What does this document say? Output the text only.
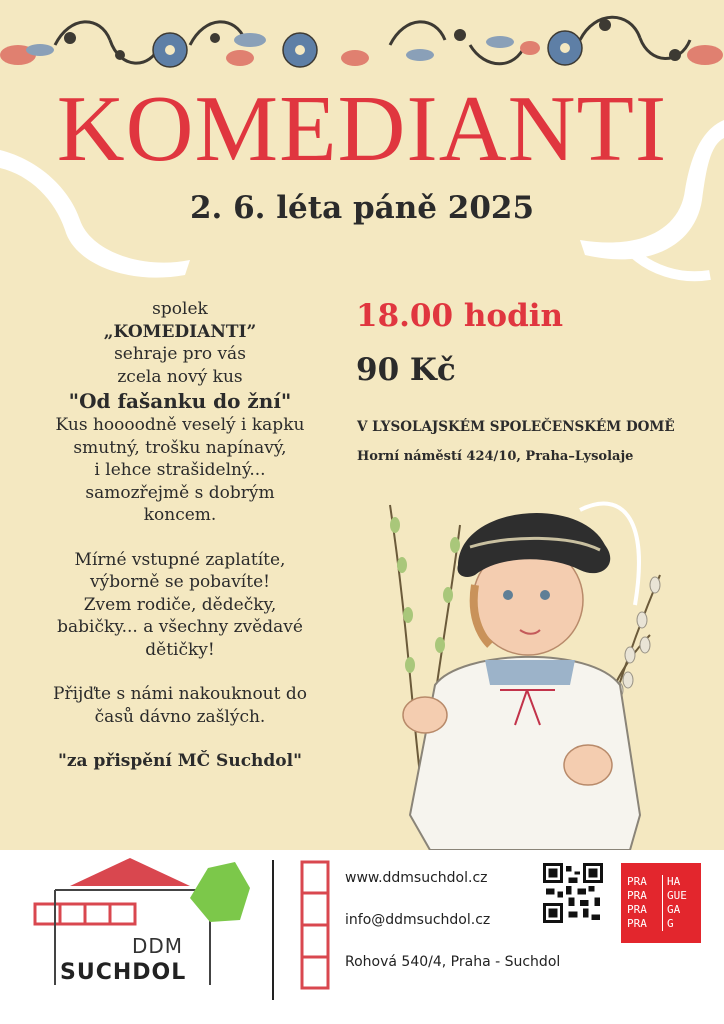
KOMEDIANTI
2. 6. léta páně 2025
spolek
„KOMEDIANTI”
sehraje pro vás
zcela nový kus
"Od fašanku do žní"
Kus hoooodně veselý i kapku
smutný, trošku napínavý,
i lehce strašidelný...
samozřejmě s dobrým
koncem.
Mírné vstupné zaplatíte,
výborně se pobavíte!
Zvem rodiče, dědečky,
babičky... a všechny zvědavé
dětičky!
Přijďte s námi nakouknout do
časů dávno zašlých.
"za přispění MČ Suchdol"
18.00 hodin
90 Kč
V LYSOLAJSKÉM SPOLEČENSKÉM DOMĚ
Horní náměstí 424/10, Praha–Lysolaje
DDM
SUCHDOL
www.ddmsuchdol.cz
info@ddmsuchdol.cz
Rohová 540/4, Praha - Suchdol
PRA	HA
PRA	GUE
PRA	GA
PRA	G
